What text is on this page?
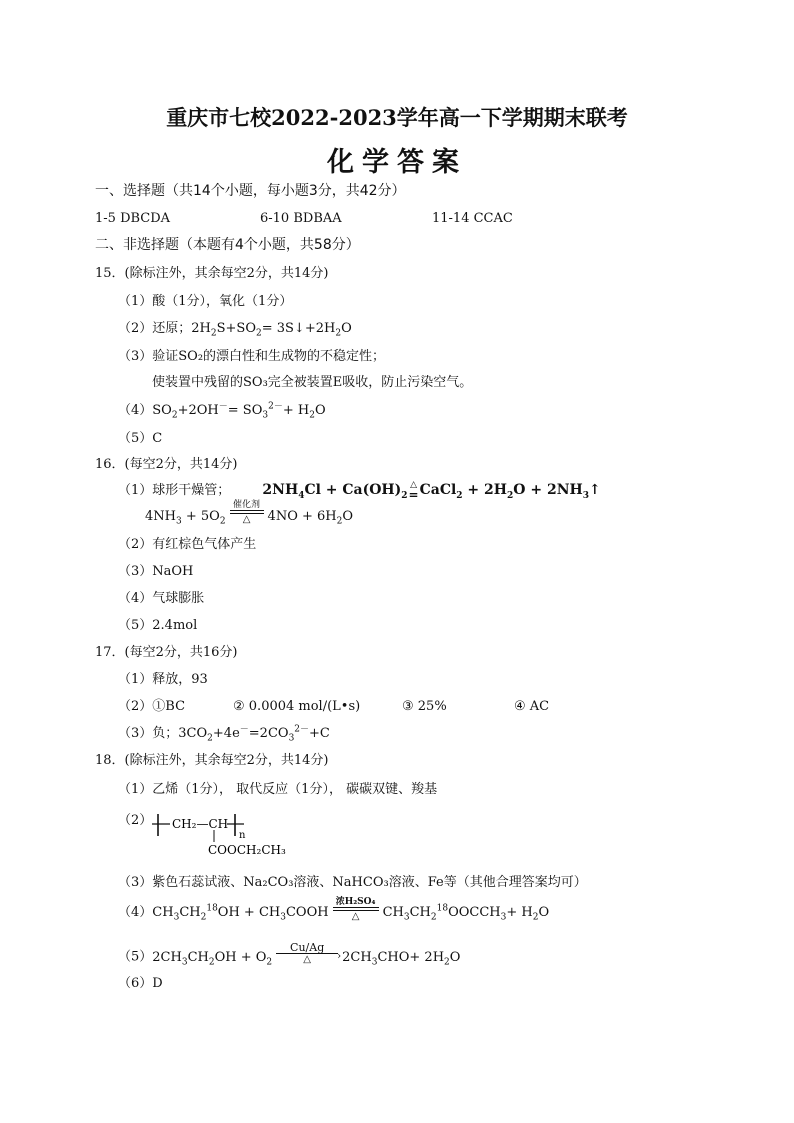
重庆市七校2022-2023学年高一下学期期末联考
化学答案
一、选择题（共14个小题，每小题3分，共42分）
1-5 DBCDA	6-10 BDBAA	11-14 CCAC
二、非选择题（本题有4个小题，共58分）
15．(除标注外，其余每空2分，共14分)
（1）酸（1分），氧化（1分）
（2）还原；$2H_2S+SO_2=$ $3S↓+2H_2O$
（3）验证SO₂的漂白性和生成物的不稳定性；
使装置中残留的SO₃完全被装置E吸收，防止污染空气。
$(4)SO_2+2OH^-= SO_3^{2-}+ H_2O$
（5）C
16．(每空2分，共14分)
（1）球形干燥管； $2NH_4Cl + Ca(OH)_2$
△
= CaCl$_2$ + $2H_2O$ + $2NH_3↑$
$4NH_3 + 5O_2$
催化剂
△	$4NO + 6H_2O$
（2）有红棕色气体产生
（3）NaOH
（4）气球膨胀
（5）2.4mol
17．(每空2分，共16分)
（1）释放，93
（2）①BC	② 0.0004 mol/(L•s)	③ 25%	④ AC
（3）负；$3CO_2+4e^-=2CO_3^{2-}+C$
18．(除标注外，其余每空2分，共14分)
（1）乙烯（1分）， 取代反应（1分）， 碳碳双键、羧基
（2） CH₂—CH
n
COOCH₂CH₃
（3）紫色石蕊试液、Na₂CO₃溶液、NaHCO₃溶液、Fe等（其他合理答案均可）
$(4)CH_3CH_2^{18}OH$ + $CH_3COOH$
浓H₂SO₄
△	$CH_3CH_2^{18}OOCCH_3+ H_2O$
$(5)2CH_3CH_2OH + O_2$
Cu/Ag
›
△	$2CH_3CHO+ 2H_2O$
（6）D
